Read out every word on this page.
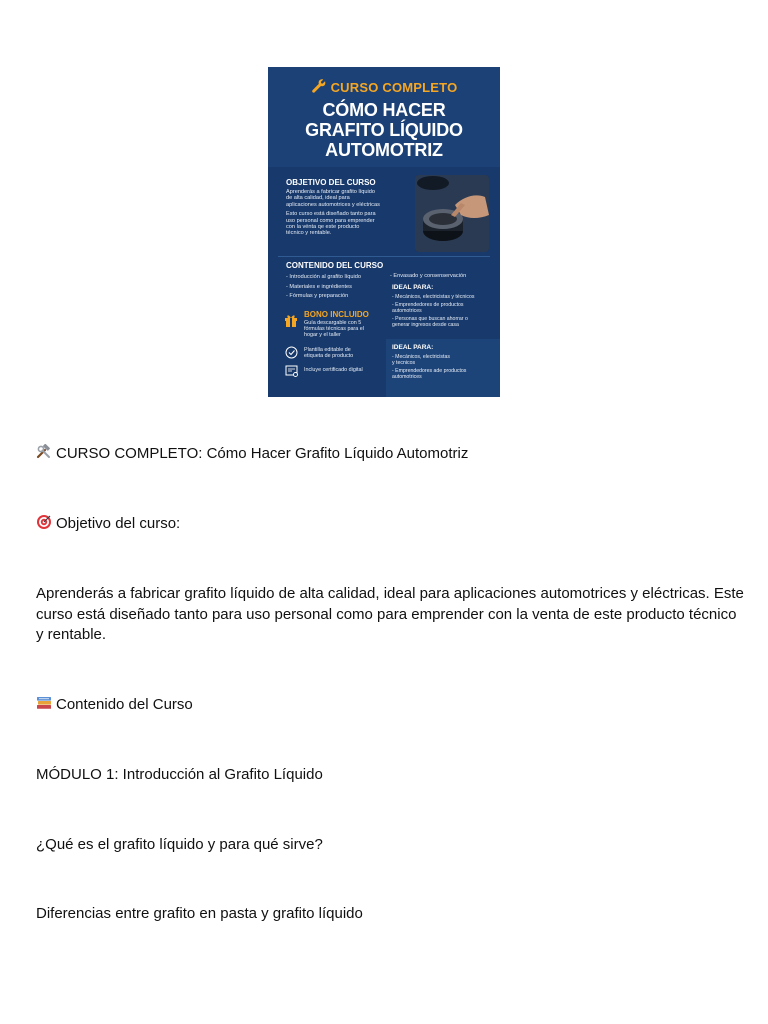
CURSO COMPLETO
CÓMO HACER
GRAFITO LÍQUIDO
AUTOMOTRIZ
OBJETIVO DEL CURSO
Aprenderás a fabricar grafito líquido
de alta calidad, ideal para
aplicaciones automotrices y eléctricas
Esto curso está diseñado tanto para
uso personal como para emprender
con la vénta qe este producto
técnico y rentable.
CONTENIDO DEL CURSO
- Introducción al grafito líquido
- Materiales e ingrédientes
- Fórmulas y preparación
- Envasado y consenservación
IDEAL PARA:
- Mecánicos, electricistas y técnicos
- Emprendedores de productos
automotrices
- Personas que buscan ahorrar o
generar ingresos desde casa
BONO INCLUIDO
Guía descargable con 5
fórmulas técnicas para el
hogar y el taller
Plantilla editable de
etiqueta de producto
Incluye certificado digital
IDEAL PARA:
- Mecánicos, electricistas
y tecnicos
- Emprendedores ade productos
automotrices
CURSO COMPLETO: Cómo Hacer Grafito Líquido Automotriz
Objetivo del curso:
Aprenderás a fabricar grafito líquido de alta calidad, ideal para aplicaciones automotrices y eléctricas. Este curso está diseñado tanto para uso personal como para emprender con la venta de este producto técnico y rentable.
Contenido del Curso
MÓDULO 1: Introducción al Grafito Líquido
¿Qué es el grafito líquido y para qué sirve?
Diferencias entre grafito en pasta y grafito líquido
